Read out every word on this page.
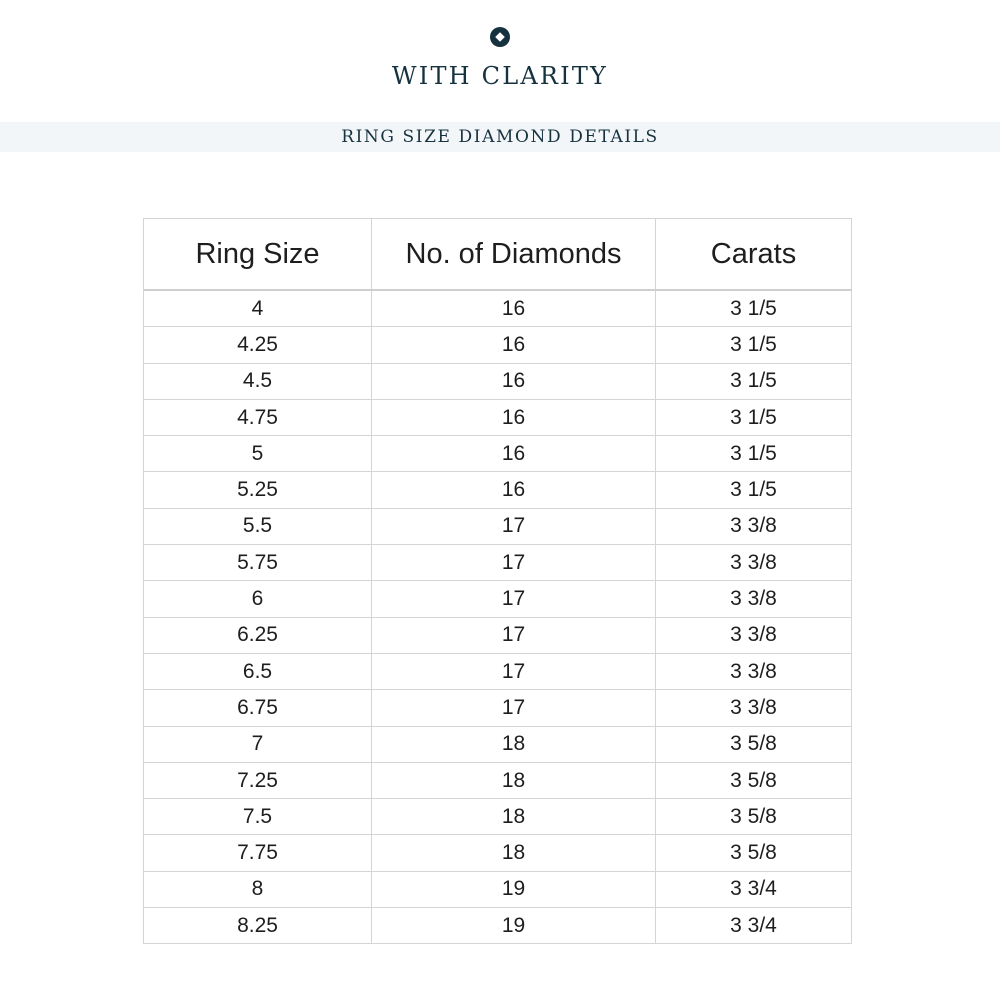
WITH CLARITY
RING SIZE DIAMOND DETAILS
Ring Size	No. of Diamonds	Carats
4	16	3 1/5
4.25	16	3 1/5
4.5	16	3 1/5
4.75	16	3 1/5
5	16	3 1/5
5.25	16	3 1/5
5.5	17	3 3/8
5.75	17	3 3/8
6	17	3 3/8
6.25	17	3 3/8
6.5	17	3 3/8
6.75	17	3 3/8
7	18	3 5/8
7.25	18	3 5/8
7.5	18	3 5/8
7.75	18	3 5/8
8	19	3 3/4
8.25	19	3 3/4
